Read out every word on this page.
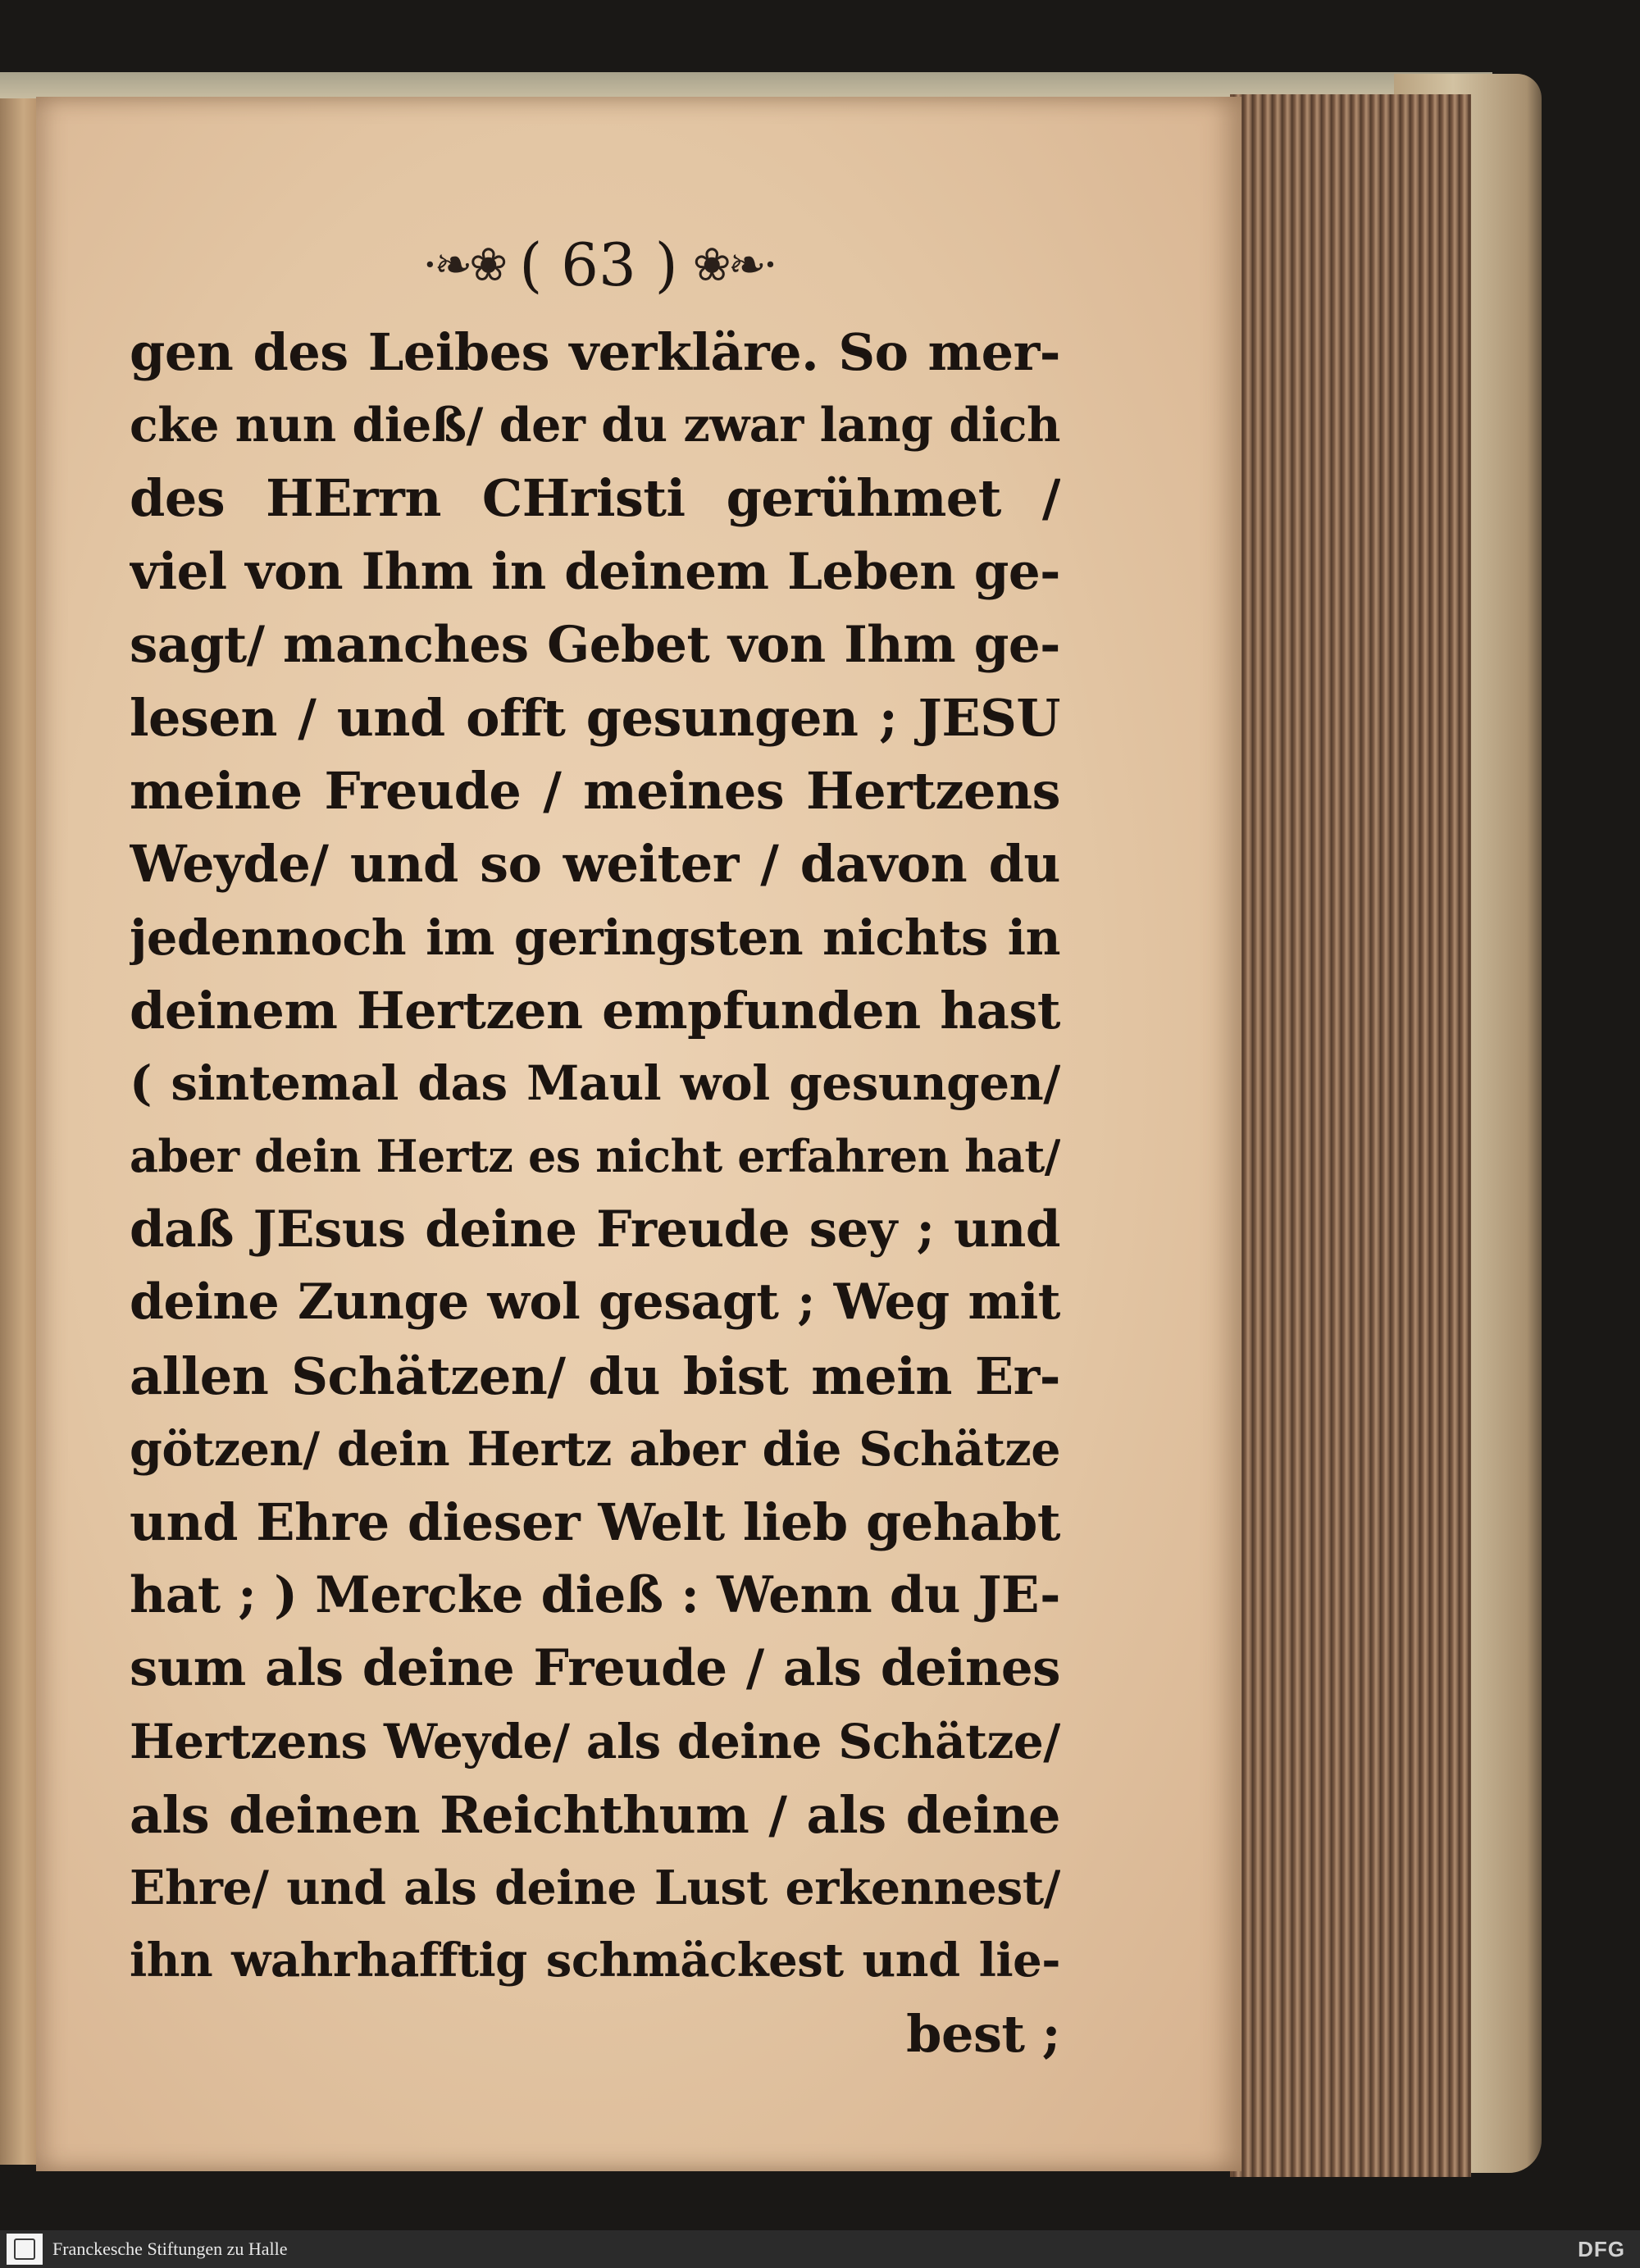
·❧❀ ( 63 ) ❀❧·
gen des Leibes verkläre. So mer-
cke nun dieß/ der du zwar lang dich
des HErrn CHristi gerühmet /
viel von Ihm in deinem Leben ge-
sagt/ manches Gebet von Ihm ge-
lesen / und offt gesungen ; JESU
meine Freude / meines Hertzens
Weyde/ und so weiter / davon du
jedennoch im geringsten nichts in
deinem Hertzen empfunden hast
( sintemal das Maul wol gesungen/
aber dein Hertz es nicht erfahren hat/
daß JEsus deine Freude sey ; und
deine Zunge wol gesagt ; Weg mit
allen Schätzen/ du bist mein Er-
götzen/ dein Hertz aber die Schätze
und Ehre dieser Welt lieb gehabt
hat ; ) Mercke dieß : Wenn du JE-
sum als deine Freude / als deines
Hertzens Weyde/ als deine Schätze/
als deinen Reichthum / als deine
Ehre/ und als deine Lust erkennest/
ihn wahrhafftig schmäckest und lie-
best ;
Franckesche Stiftungen zu Halle	DFG
